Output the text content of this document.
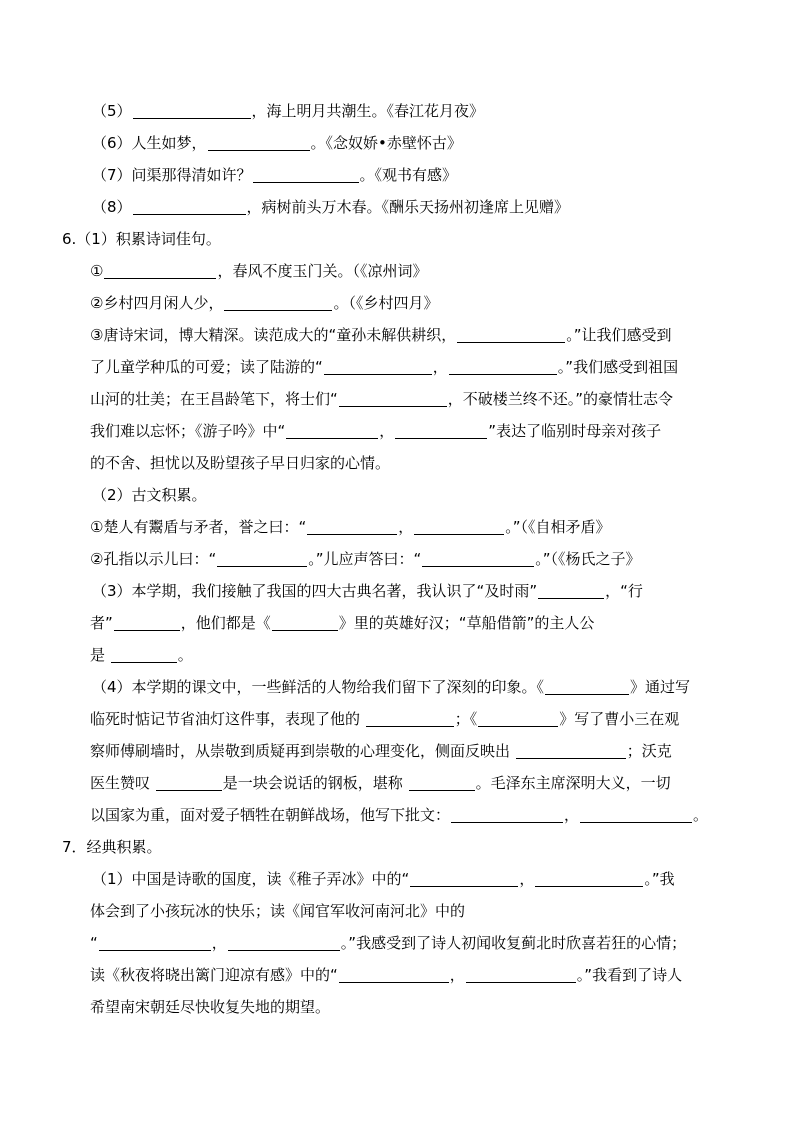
（5）	，海上明月共潮生。《春江花月夜》
（6）人生如梦，	。《念奴娇•赤壁怀古》
（7）问渠那得清如许？	。《观书有感》
（8）	，病树前头万木春。《酬乐天扬州初逢席上见赠》
6.（1）积累诗词佳句。
①	，春风不度玉门关。（《凉州词》
②乡村四月闲人少，	。（《乡村四月》
③唐诗宋词，博大精深。读范成大的“童孙未解供耕织，	。”让我们感受到
了儿童学种瓜的可爱；读了陆游的“	，	。”我们感受到祖国
山河的壮美；在王昌龄笔下，将士们“	，不破楼兰终不还。”的豪情壮志令
我们难以忘怀；《游子吟》中“	，	”表达了临别时母亲对孩子
的不舍、担忧以及盼望孩子早日归家的心情。
（2）古文积累。
①楚人有鬻盾与矛者，誉之曰：“	，	。”（《自相矛盾》
②孔指以示儿曰：“	。”儿应声答曰：“	。”（《杨氏之子》
（3）本学期，我们接触了我国的四大古典名著，我认识了“及时雨”	，“行
者”	，他们都是《	》里的英雄好汉；“草船借箭”的主人公
是	。
（4）本学期的课文中，一些鲜活的人物给我们留下了深刻的印象。《	》通过写
临死时惦记节省油灯这件事，表现了他的	；《	》写了曹小三在观
察师傅刷墙时，从崇敬到质疑再到崇敬的心理变化，侧面反映出	；沃克
医生赞叹	是一块会说话的钢板，堪称	。毛泽东主席深明大义，一切
以国家为重，面对爱子牺牲在朝鲜战场，他写下批文：	，	。
7．经典积累。
（1）中国是诗歌的国度，读《稚子弄冰》中的“	，	。”我
体会到了小孩玩冰的快乐；读《闻官军收河南河北》中的
“	，	。”我感受到了诗人初闻收复蓟北时欣喜若狂的心情；
读《秋夜将晓出篱门迎凉有感》中的“	，	。”我看到了诗人
希望南宋朝廷尽快收复失地的期望。
